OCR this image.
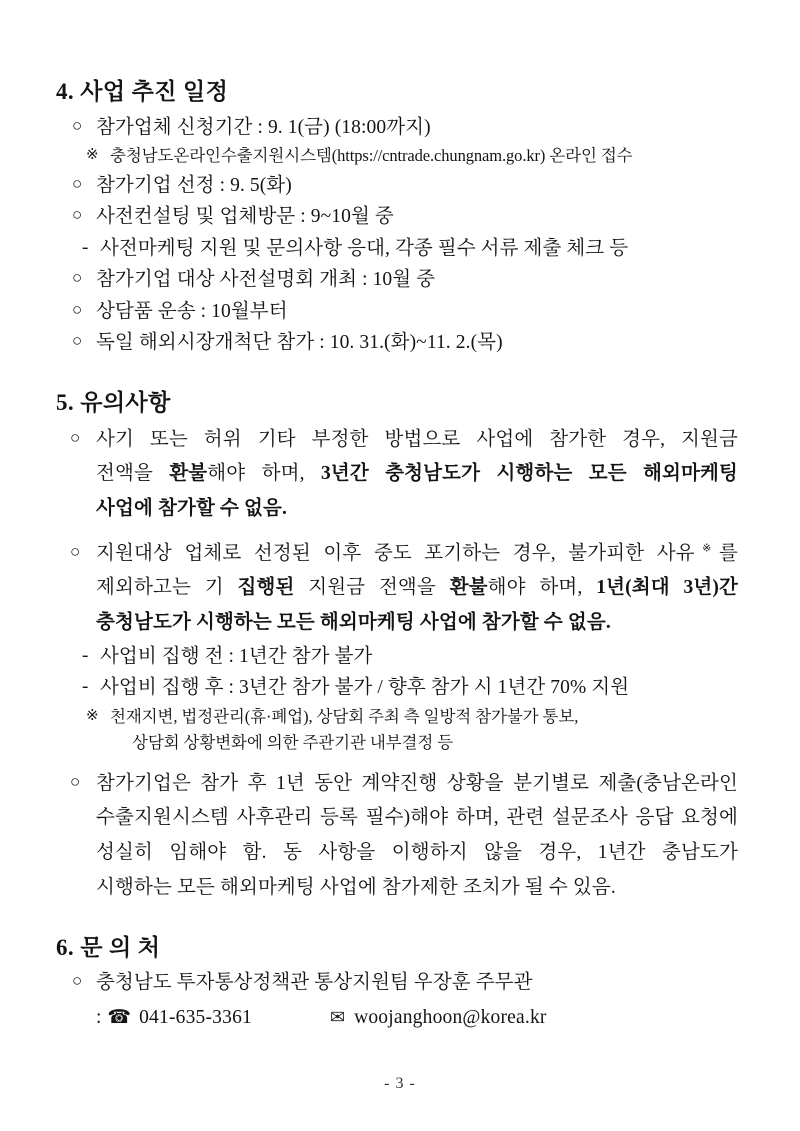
4. 사업 추진 일정
○ 참가업체 신청기간 : 9. 1(금) (18:00까지)
※ 충청남도온라인수출지원시스템(https://cntrade.chungnam.go.kr) 온라인 접수
○ 참가기업 선정 : 9. 5(화)
○ 사전컨설팅 및 업체방문 : 9~10월 중
- 사전마케팅 지원 및 문의사항 응대, 각종 필수 서류 제출 체크 등
○ 참가기업 대상 사전설명회 개최 : 10월 중
○ 상담품 운송 : 10월부터
○ 독일 해외시장개척단 참가 : 10. 31.(화)~11. 2.(목)
5. 유의사항
○ 사기 또는 허위 기타 부정한 방법으로 사업에 참가한 경우, 지원금
전액을 환불해야 하며, 3년간 충청남도가 시행하는 모든 해외마케팅
사업에 참가할 수 없음.
○ 지원대상 업체로 선정된 이후 중도 포기하는 경우, 불가피한 사유※를
제외하고는 기 집행된 지원금 전액을 환불해야 하며, 1년(최대 3년)간
충청남도가 시행하는 모든 해외마케팅 사업에 참가할 수 없음.
- 사업비 집행 전 : 1년간 참가 불가
- 사업비 집행 후 : 3년간 참가 불가 / 향후 참가 시 1년간 70% 지원
※ 천재지변, 법정관리(휴·폐업), 상담회 주최 측 일방적 참가불가 통보,
상담회 상황변화에 의한 주관기관 내부결정 등
○ 참가기업은 참가 후 1년 동안 계약진행 상황을 분기별로 제출(충남온라인
수출지원시스템 사후관리 등록 필수)해야 하며, 관련 설문조사 응답 요청에
성실히 임해야 함. 동 사항을 이행하지 않을 경우, 1년간 충남도가
시행하는 모든 해외마케팅 사업에 참가제한 조치가 될 수 있음.
6. 문 의 처
○ 충청남도 투자통상정책관 통상지원팀 우장훈 주무관
: ☎ 041-635-3361	✉ woojanghoon@korea.kr
- 3 -
